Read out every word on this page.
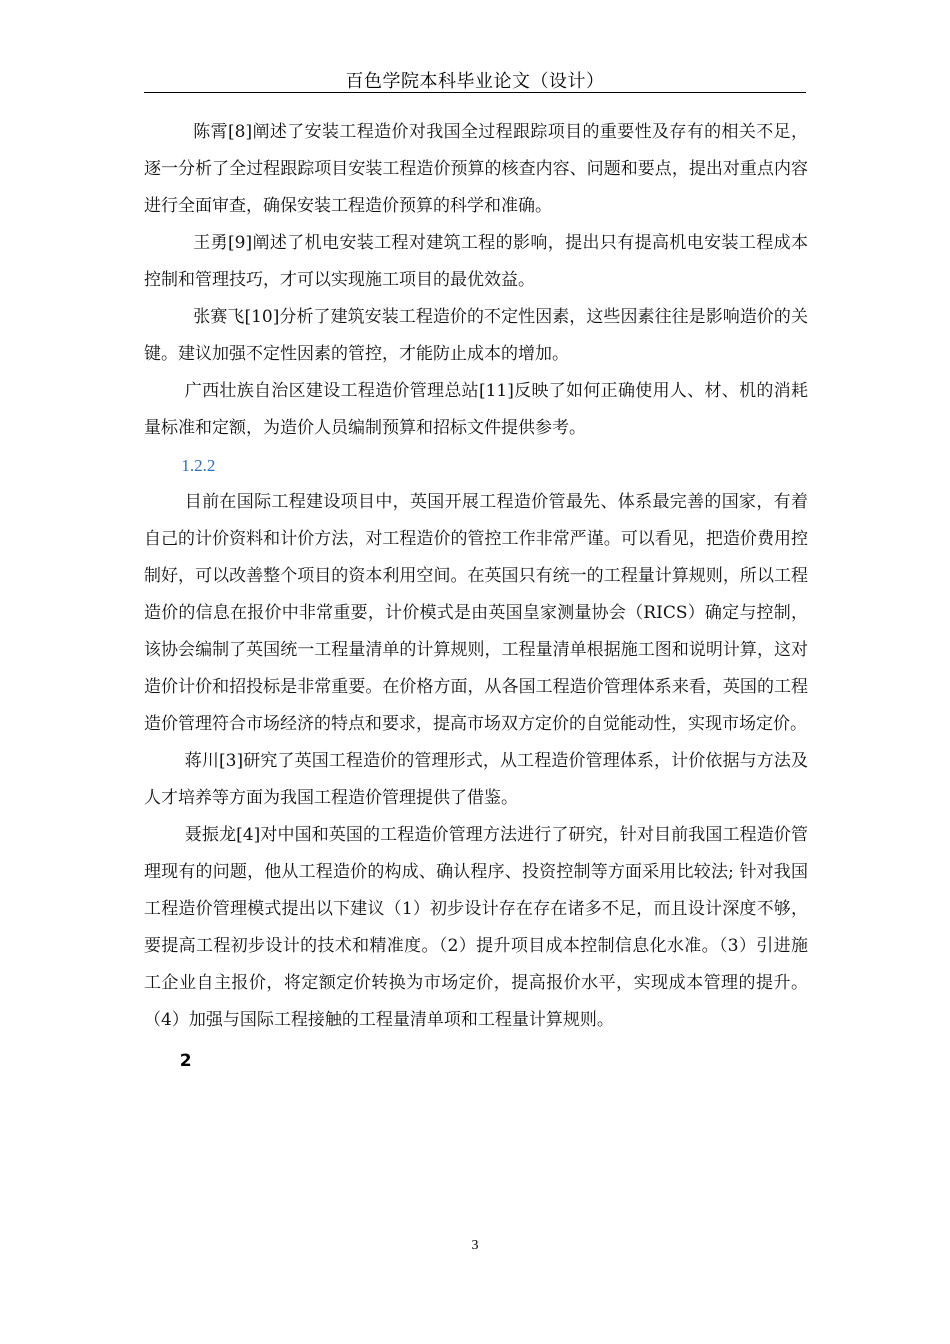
百色学院本科毕业论文（设计）

陈霄[8]阐述了安装工程造价对我国全过程跟踪项目的重要性及存有的相关不足，逐一分析了全过程跟踪项目安装工程造价预算的核查内容、问题和要点，提出对重点内容进行全面审查，确保安装工程造价预算的科学和准确。

王勇[9]阐述了机电安装工程对建筑工程的影响，提出只有提高机电安装工程成本控制和管理技巧，才可以实现施工项目的最优效益。

张赛飞[10]分析了建筑安装工程造价的不定性因素，这些因素往往是影响造价的关键。建议加强不定性因素的管控，才能防止成本的增加。

广西壮族自治区建设工程造价管理总站[11]反映了如何正确使用人、材、机的消耗量标准和定额，为造价人员编制预算和招标文件提供参考。

1.2.2

目前在国际工程建设项目中，英国开展工程造价管最先、体系最完善的国家，有着自己的计价资料和计价方法，对工程造价的管控工作非常严谨。可以看见，把造价费用控制好，可以改善整个项目的资本利用空间。在英国只有统一的工程量计算规则，所以工程造价的信息在报价中非常重要，计价模式是由英国皇家测量协会（RICS）确定与控制，该协会编制了英国统一工程量清单的计算规则，工程量清单根据施工图和说明计算，这对造价计价和招投标是非常重要。在价格方面，从各国工程造价管理体系来看，英国的工程造价管理符合市场经济的特点和要求，提高市场双方定价的自觉能动性，实现市场定价。

蒋川[3]研究了英国工程造价的管理形式，从工程造价管理体系，计价依据与方法及人才培养等方面为我国工程造价管理提供了借鉴。

聂振龙[4]对中国和英国的工程造价管理方法进行了研究，针对目前我国工程造价管理现有的问题，他从工程造价的构成、确认程序、投资控制等方面采用比较法; 针对我国工程造价管理模式提出以下建议（1）初步设计存在存在诸多不足，而且设计深度不够，要提高工程初步设计的技术和精准度。（2）提升项目成本控制信息化水准。（3）引进施工企业自主报价，将定额定价转换为市场定价，提高报价水平，实现成本管理的提升。（4）加强与国际工程接触的工程量清单项和工程量计算规则。

2

3
